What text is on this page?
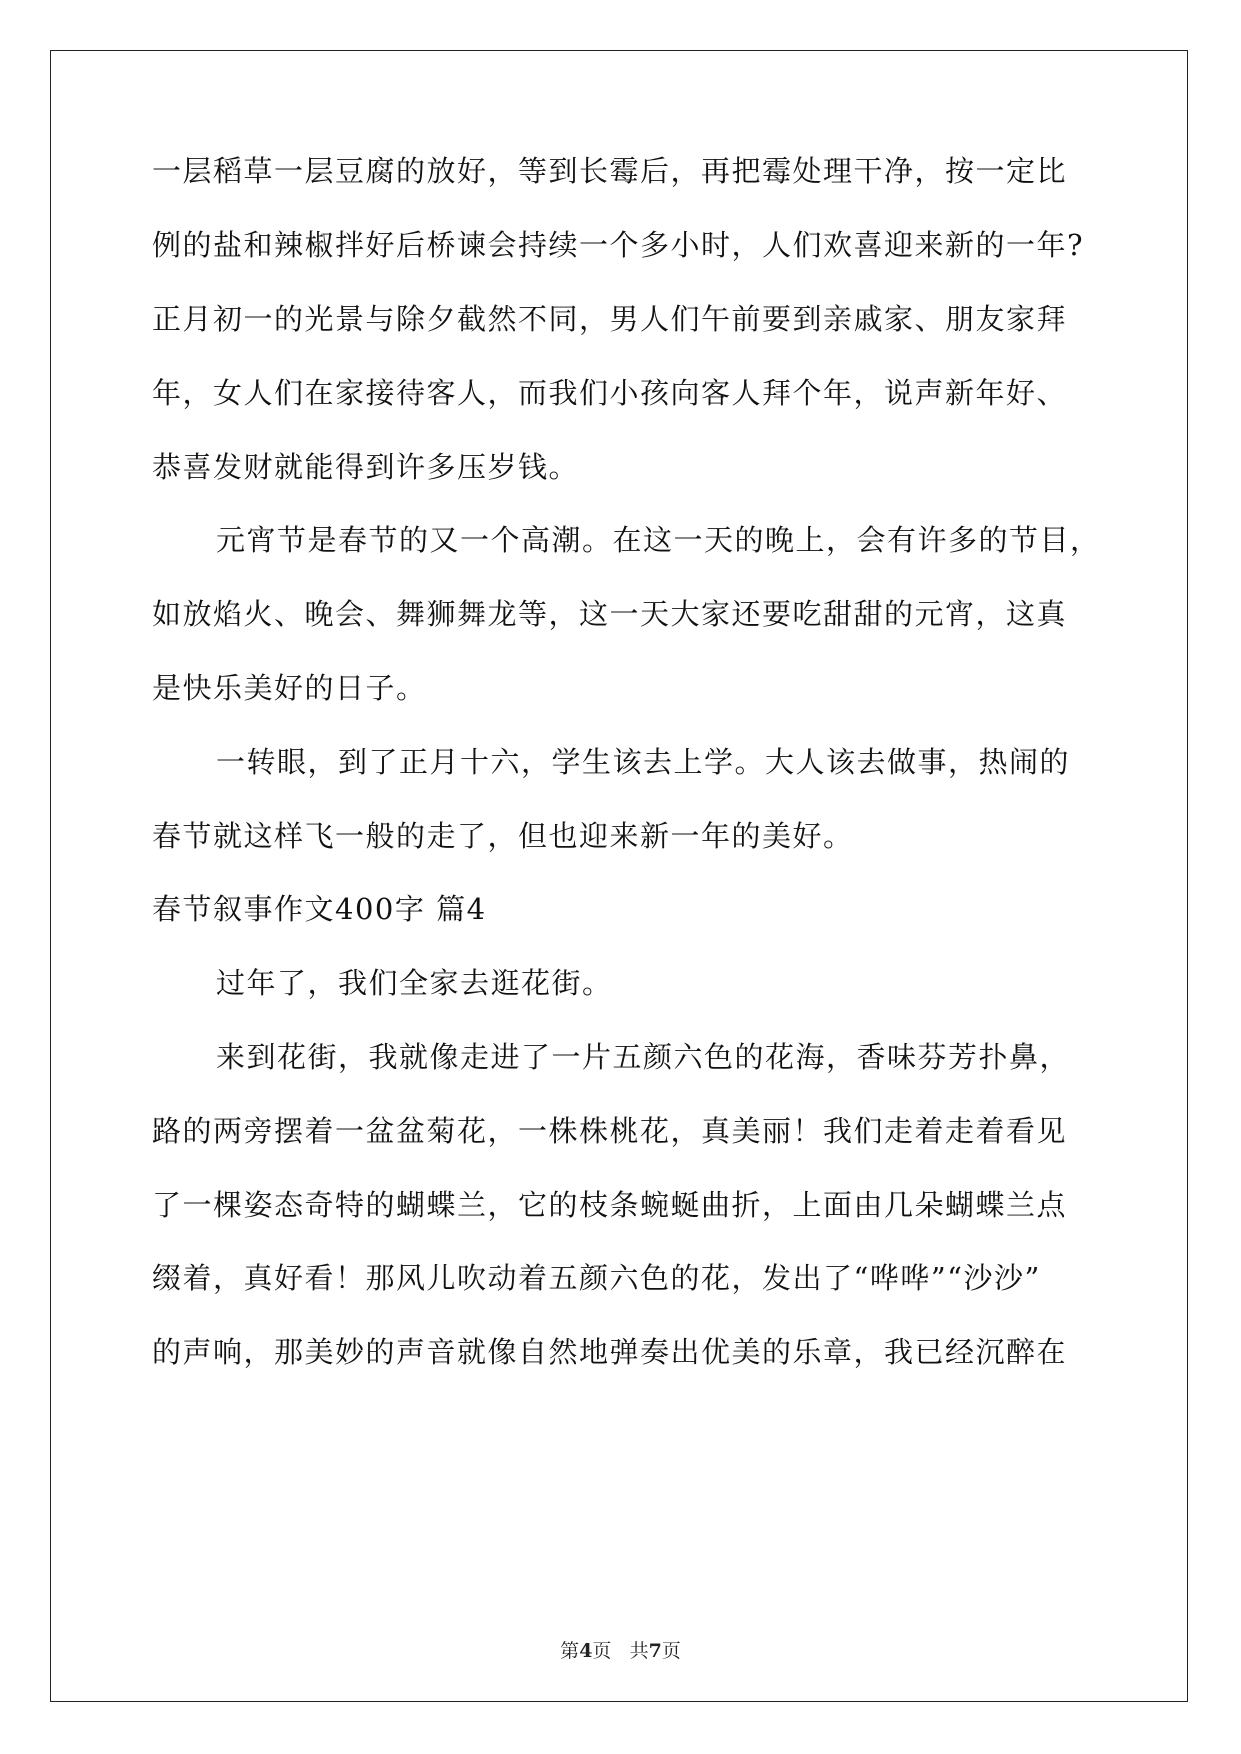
一层稻草一层豆腐的放好，等到长霉后，再把霉处理干净，按一定比
例的盐和辣椒拌好后桥谏会持续一个多小时，人们欢喜迎来新的一年?
正月初一的光景与除夕截然不同，男人们午前要到亲戚家、朋友家拜
年，女人们在家接待客人，而我们小孩向客人拜个年，说声新年好、
恭喜发财就能得到许多压岁钱。
元宵节是春节的又一个高潮。在这一天的晚上，会有许多的节目，
如放焰火、晚会、舞狮舞龙等，这一天大家还要吃甜甜的元宵，这真
是快乐美好的日子。
一转眼，到了正月十六，学生该去上学。大人该去做事，热闹的
春节就这样飞一般的走了，但也迎来新一年的美好。
春节叙事作文400字 篇4
过年了，我们全家去逛花街。
来到花街，我就像走进了一片五颜六色的花海，香味芬芳扑鼻，
路的两旁摆着一盆盆菊花，一株株桃花，真美丽！我们走着走着看见
了一棵姿态奇特的蝴蝶兰，它的枝条蜿蜒曲折，上面由几朵蝴蝶兰点
缀着，真好看！那风儿吹动着五颜六色的花，发出了“哗哗”“沙沙”
的声响，那美妙的声音就像自然地弹奏出优美的乐章，我已经沉醉在
第4页 共7页
